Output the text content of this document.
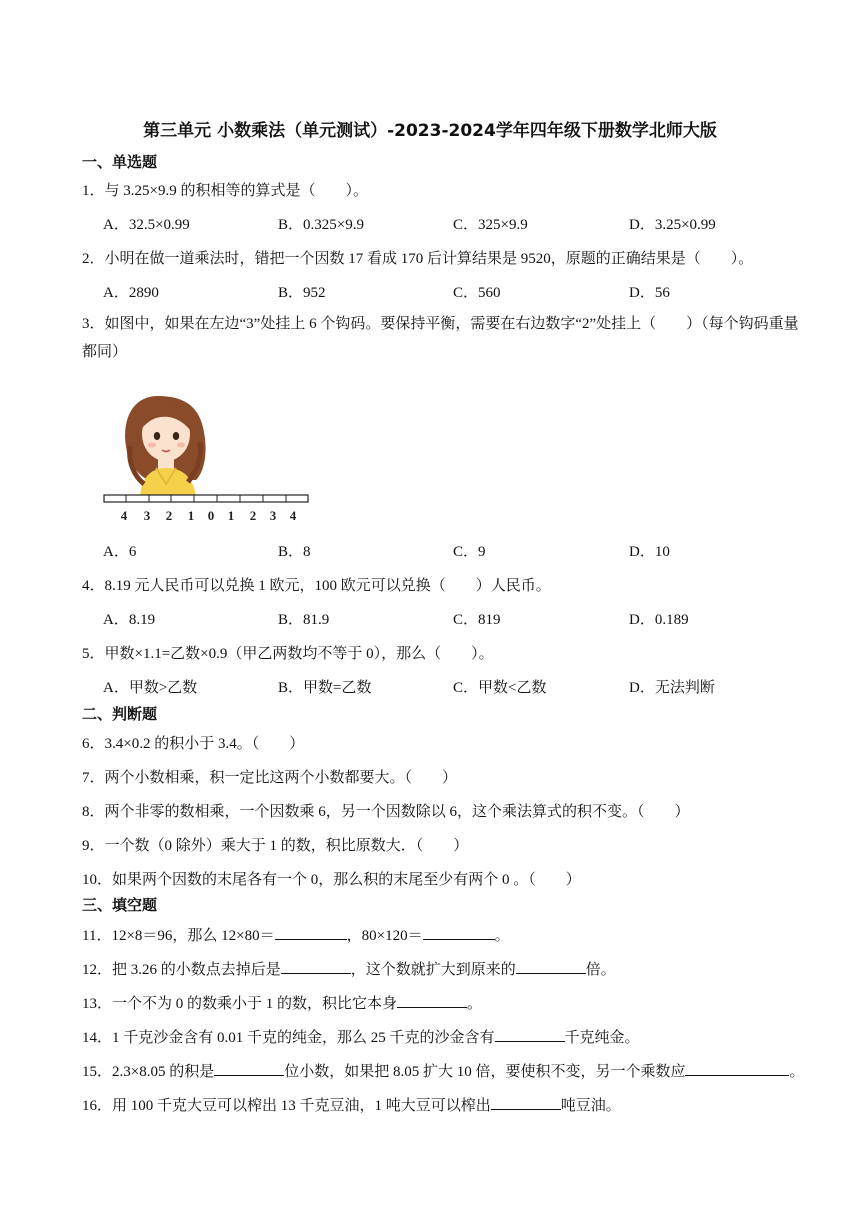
第三单元 小数乘法（单元测试）-2023-2024学年四年级下册数学北师大版
一、单选题
1．与 3.25×9.9 的积相等的算式是（　　）。
A．32.5×0.99	B．0.325×9.9	C．325×9.9	D．3.25×0.99
2．小明在做一道乘法时，错把一个因数 17 看成 170 后计算结果是 9520，原题的正确结果是（　　）。
A．2890	B．952	C．560	D．56
3．如图中，如果在左边“3”处挂上 6 个钩码。要保持平衡，需要在右边数字“2”处挂上（　　）（每个钩码重量都同）
4 3 2 1 0 1 2 3 4
A．6	B．8	C．9	D．10
4．8.19 元人民币可以兑换 1 欧元，100 欧元可以兑换（　　）人民币。
A．8.19	B．81.9	C．819	D．0.189
5．甲数×1.1=乙数×0.9（甲乙两数均不等于 0），那么（　　）。
A．甲数>乙数	B．甲数=乙数	C．甲数<乙数	D．无法判断
二、判断题
6．3.4×0.2 的积小于 3.4。（　　）
7．两个小数相乘，积一定比这两个小数都要大。（　　）
8．两个非零的数相乘，一个因数乘 6，另一个因数除以 6，这个乘法算式的积不变。（　　）
9．一个数（0 除外）乘大于 1 的数，积比原数大．（　　）
10．如果两个因数的末尾各有一个 0，那么积的末尾至少有两个 0 。（　　）
三、填空题
11．12×8＝96，那么 12×80＝	，80×120＝	。
12．把 3.26 的小数点去掉后是	，这个数就扩大到原来的	倍。
13．一个不为 0 的数乘小于 1 的数，积比它本身	。
14．1 千克沙金含有 0.01 千克的纯金，那么 25 千克的沙金含有	千克纯金。
15．2.3×8.05 的积是	位小数，如果把 8.05 扩大 10 倍，要使积不变，另一个乘数应	。
16．用 100 千克大豆可以榨出 13 千克豆油，1 吨大豆可以榨出	吨豆油。
